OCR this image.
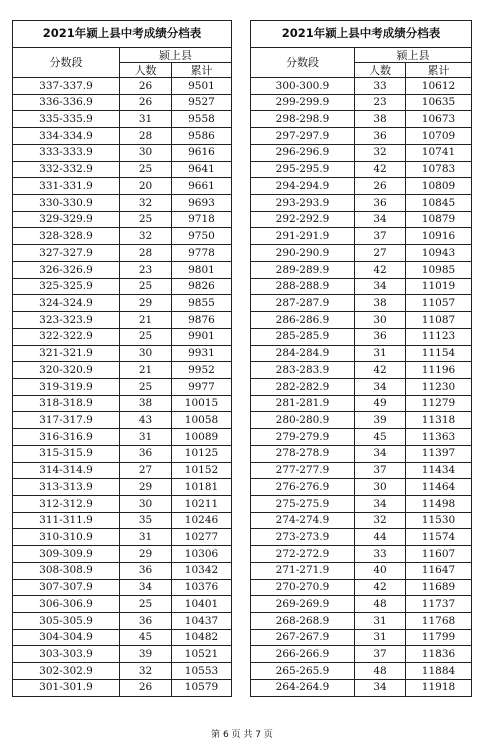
2021年颍上县中考成绩分档表		
分数段	颍上县	
	人数	累计
337-337.9	26	9501
336-336.9	26	9527
335-335.9	31	9558
334-334.9	28	9586
333-333.9	30	9616
332-332.9	25	9641
331-331.9	20	9661
330-330.9	32	9693
329-329.9	25	9718
328-328.9	32	9750
327-327.9	28	9778
326-326.9	23	9801
325-325.9	25	9826
324-324.9	29	9855
323-323.9	21	9876
322-322.9	25	9901
321-321.9	30	9931
320-320.9	21	9952
319-319.9	25	9977
318-318.9	38	10015
317-317.9	43	10058
316-316.9	31	10089
315-315.9	36	10125
314-314.9	27	10152
313-313.9	29	10181
312-312.9	30	10211
311-311.9	35	10246
310-310.9	31	10277
309-309.9	29	10306
308-308.9	36	10342
307-307.9	34	10376
306-306.9	25	10401
305-305.9	36	10437
304-304.9	45	10482
303-303.9	39	10521
302-302.9	32	10553
301-301.9	26	10579
2021年颍上县中考成绩分档表		
分数段	颍上县	
	人数	累计
300-300.9	33	10612
299-299.9	23	10635
298-298.9	38	10673
297-297.9	36	10709
296-296.9	32	10741
295-295.9	42	10783
294-294.9	26	10809
293-293.9	36	10845
292-292.9	34	10879
291-291.9	37	10916
290-290.9	27	10943
289-289.9	42	10985
288-288.9	34	11019
287-287.9	38	11057
286-286.9	30	11087
285-285.9	36	11123
284-284.9	31	11154
283-283.9	42	11196
282-282.9	34	11230
281-281.9	49	11279
280-280.9	39	11318
279-279.9	45	11363
278-278.9	34	11397
277-277.9	37	11434
276-276.9	30	11464
275-275.9	34	11498
274-274.9	32	11530
273-273.9	44	11574
272-272.9	33	11607
271-271.9	40	11647
270-270.9	42	11689
269-269.9	48	11737
268-268.9	31	11768
267-267.9	31	11799
266-266.9	37	11836
265-265.9	48	11884
264-264.9	34	11918
第 6 页 共 7 页
